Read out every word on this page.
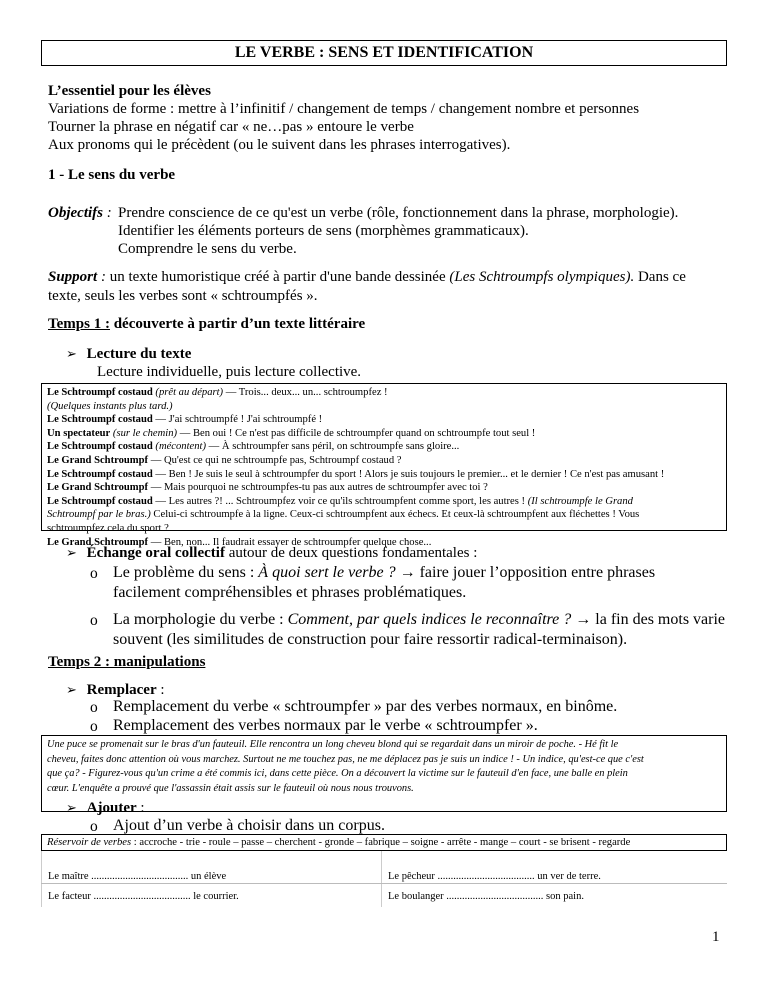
LE VERBE : SENS ET IDENTIFICATION
L’essentiel pour les élèves
Variations de forme : mettre à l’infinitif / changement de temps / changement nombre et personnes
Tourner la phrase en négatif car « ne…pas » entoure le verbe
Aux pronoms qui le précèdent (ou le suivent dans les phrases interrogatives).
1 - Le sens du verbe
Objectifs : Prendre conscience de ce qu'est un verbe (rôle, fonctionnement dans la phrase, morphologie).
Identifier les éléments porteurs de sens (morphèmes grammaticaux).
Comprendre le sens du verbe.
Support : un texte humoristique créé à partir d'une bande dessinée (Les Schtroumpfs olympiques). Dans ce
texte, seuls les verbes sont « schtroumpfés ».
Temps 1 : découverte à partir d’un texte littéraire
➢ Lecture du texte
Lecture individuelle, puis lecture collective.
Le Schtroumpf costaud (prêt au départ) — Trois... deux... un... schtroumpfez !
(Quelques instants plus tard.)
Le Schtroumpf costaud — J'ai schtroumpfé ! J'ai schtroumpfé !
Un spectateur (sur le chemin) — Ben oui ! Ce n'est pas difficile de schtroumpfer quand on schtroumpfe tout seul !
Le Schtroumpf costaud (mécontent) — À schtroumpfer sans péril, on schtroumpfe sans gloire...
Le Grand Schtroumpf — Qu'est ce qui ne schtroumpfe pas, Schtroumpf costaud ?
Le Schtroumpf costaud — Ben ! Je suis le seul à schtroumpfer du sport ! Alors je suis toujours le premier... et le dernier ! Ce n'est pas amusant !
Le Grand Schtroumpf — Mais pourquoi ne schtroumpfes-tu pas aux autres de schtroumpfer avec toi ?
Le Schtroumpf costaud — Les autres ?! ... Schtroumpfez voir ce qu'ils schtroumpfent comme sport, les autres ! (Il schtroumpfe le Grand
Schtroumpf par le bras.) Celui-ci schtroumpfe à la ligne. Ceux-ci schtroumpfent aux échecs. Et ceux-là schtroumpfent aux fléchettes ! Vous
schtroumpfez cela du sport ?
Le Grand Schtroumpf — Ben, non... Il faudrait essayer de schtroumpfer quelque chose...
➢ Échange oral collectif autour de deux questions fondamentales :
o Le problème du sens : À quoi sert le verbe ? → faire jouer l’opposition entre phrases
facilement compréhensibles et phrases problématiques.
o La morphologie du verbe : Comment, par quels indices le reconnaître ? → la fin des mots varie
souvent (les similitudes de construction pour faire ressortir radical-terminaison).
Temps 2 : manipulations
➢ Remplacer :
o Remplacement du verbe « schtroumpfer » par des verbes normaux, en binôme.
o Remplacement des verbes normaux par le verbe « schtroumpfer ».
Une puce se promenait sur le bras d'un fauteuil. Elle rencontra un long cheveu blond qui se regardait dans un miroir de poche. - Hé fit le
cheveu, faites donc attention où vous marchez. Surtout ne me touchez pas, ne me déplacez pas je suis un indice ! - Un indice, qu'est-ce que c'est
que ça? - Figurez-vous qu'un crime a été commis ici, dans cette pièce. On a découvert la victime sur le fauteuil d'en face, une balle en plein
cœur. L'enquête a prouvé que l'assassin était assis sur le fauteuil où nous nous trouvons.
➢ Ajouter :
o Ajout d’un verbe à choisir dans un corpus.
Réservoir de verbes : accroche - trie - roule – passe – cherchent - gronde – fabrique – soigne - arrête - mange – court - se brisent - regarde
Le maître ..................................... un élève	Le pêcheur ..................................... un ver de terre.
Le facteur ..................................... le courrier.	Le boulanger ..................................... son pain.
1
